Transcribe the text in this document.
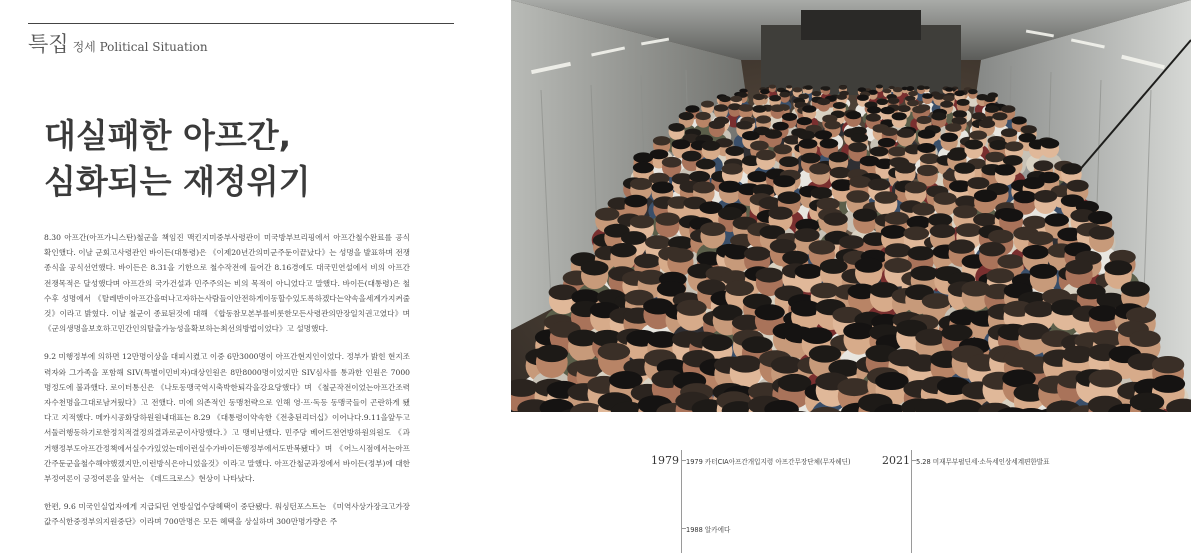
특집 정세 Political Situation
대실패한 아프간,
심화되는 재정위기

8.30 아프간(아프가니스탄)철군을 책임진 맥킨지미중부사령관이 미국방부브리핑에서 아프간철수완료를 공식확인했다. 이날 군회고사령관인 바이든(대통령)은 《이제20년간의미군주둔이끝났다》는 성명을 발표하며 전쟁종식을 공식선언했다. 바이든은 8.31을 기한으로 철수작전에 들어간 8.16경에도 대국민연설에서 비의 아프간전쟁목적은 달성했다며 아프간의 국가건설과 민주주의는 비의 목적이 아니었다고 말했다. 바이든(대통령)은 철수후 성명에서 《탈레반이아프간을떠나고자하는사람들이안전하게이동할수있도록하겠다는약속을세계가지켜줄것》이라고 밝혔다. 이날 철군이 종료된것에 대해 《합동참모본부를비롯한모든사령관의만장일치권고였다》며 《군의생명을보호하고민간인의탈출가능성을확보하는최선의방법이었다》고 설명했다.

9.2 미행정부에 의하면 12만명이상을 대피시켰고 이중 6만3000명이 아프간현지인이었다. 정부가 밝힌 현지조력자와 그가족을 포함해 SIV(특별이민비자)대상인원은 8만8000명이었지만 SIV심사를 통과한 인원은 7000명정도에 불과했다. 로이터통신은 《나토동맹국역시축박한퇴각을강요당했다》며 《철군작전이었는아프간조력자수천명을그대로남겨뒀다》고 전했다. 미에 의존적인 동맹천략으로 인해 영·프·독등 동맹국들이 곤란하게 됐다고 지적했다. 메카시공화당하원원내대표는 8.29 《대통령이약속한《전충된리더십》이어나다.9.11을앞두고서둘러행동하기로한정치적결정의결과로군이사망했다.》고 맹비난했다. 민주당 베어드전연방하원의원도 《과거행정부도아프간정책에서실수가있었는데이런실수가바이든행정부에서도반복됐다》며 《어느시점에서는아프간주둔군을철수해야했겠지만,이런방식은아니었을것》이라고 말했다. 아프간철군과정에서 바이든(정부)에 대한 부정여론이 긍정여론을 앞서는 《데드크로스》현상이 나타났다.

한편, 9.6 미국인실업자에게 지급되던 연방실업수당혜택이 중단됐다. 워싱턴포스트는 《미역사상가장크고가장값주식한중정부의지원중단》이라며 700만명은 모든 혜택을 상실하며 300만명가량은 주

1979 1979 카터CIA아프간개입지령 아프간무장단체(무자헤딘)
1988 알카에다
2021 5.28 미재무부펄딘세·소득세인상세계편한발표
